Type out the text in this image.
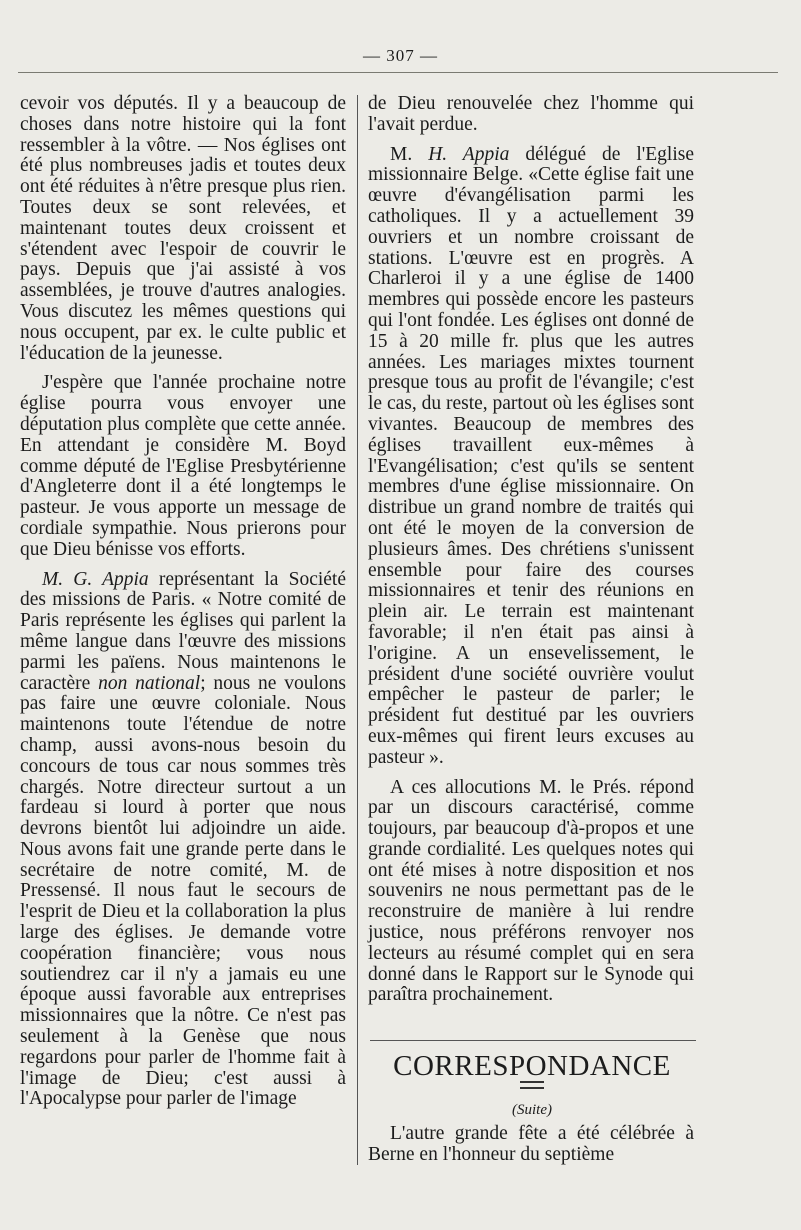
— 307 —

cevoir vos députés. Il y a beaucoup de choses dans notre histoire qui la font ressembler à la vôtre. — Nos églises ont été plus nombreuses jadis et toutes deux ont été réduites à n'être presque plus rien. Toutes deux se sont relevées, et maintenant toutes deux croissent et s'étendent avec l'espoir de couvrir le pays. Depuis que j'ai assisté à vos assemblées, je trouve d'autres analogies. Vous discutez les mêmes questions qui nous occupent, par ex. le culte public et l'éducation de la jeunesse.

J'espère que l'année prochaine notre église pourra vous envoyer une députation plus complète que cette année. En attendant je considère M. Boyd comme député de l'Eglise Presbytérienne d'Angleterre dont il a été longtemps le pasteur. Je vous apporte un message de cordiale sympathie. Nous prierons pour que Dieu bénisse vos efforts.

M. G. Appia représentant la Société des missions de Paris. « Notre comité de Paris représente les églises qui parlent la même langue dans l'œuvre des missions parmi les païens. Nous maintenons le caractère non national; nous ne voulons pas faire une œuvre coloniale. Nous maintenons toute l'étendue de notre champ, aussi avons-nous besoin du concours de tous car nous sommes très chargés. Notre directeur surtout a un fardeau si lourd à porter que nous devrons bientôt lui adjoindre un aide. Nous avons fait une grande perte dans le secrétaire de notre comité, M. de Pressensé. Il nous faut le secours de l'esprit de Dieu et la collaboration la plus large des églises. Je demande votre coopération financière; vous nous soutiendrez car il n'y a jamais eu une époque aussi favorable aux entreprises missionnaires que la nôtre. Ce n'est pas seulement à la Genèse que nous regardons pour parler de l'homme fait à l'image de Dieu; c'est aussi à l'Apocalypse pour parler de l'image

de Dieu renouvelée chez l'homme qui l'avait perdue.

M. H. Appia délégué de l'Eglise missionnaire Belge. «Cette église fait une œuvre d'évangélisation parmi les catholiques. Il y a actuellement 39 ouvriers et un nombre croissant de stations. L'œuvre est en progrès. A Charleroi il y a une église de 1400 membres qui possède encore les pasteurs qui l'ont fondée. Les églises ont donné de 15 à 20 mille fr. plus que les autres années. Les mariages mixtes tournent presque tous au profit de l'évangile; c'est le cas, du reste, partout où les églises sont vivantes. Beaucoup de membres des églises travaillent eux-mêmes à l'Evangélisation; c'est qu'ils se sentent membres d'une église missionnaire. On distribue un grand nombre de traités qui ont été le moyen de la conversion de plusieurs âmes. Des chrétiens s'unissent ensemble pour faire des courses missionnaires et tenir des réunions en plein air. Le terrain est maintenant favorable; il n'en était pas ainsi à l'origine. A un ensevelissement, le président d'une société ouvrière voulut empêcher le pasteur de parler; le président fut destitué par les ouvriers eux-mêmes qui firent leurs excuses au pasteur ».

A ces allocutions M. le Prés. répond par un discours caractérisé, comme toujours, par beaucoup d'à-propos et une grande cordialité. Les quelques notes qui ont été mises à notre disposition et nos souvenirs ne nous permettant pas de le reconstruire de manière à lui rendre justice, nous préférons renvoyer nos lecteurs au résumé complet qui en sera donné dans le Rapport sur le Synode qui paraîtra prochainement.

CORRESPONDANCE
(Suite)

L'autre grande fête a été célébrée à Berne en l'honneur du septième
